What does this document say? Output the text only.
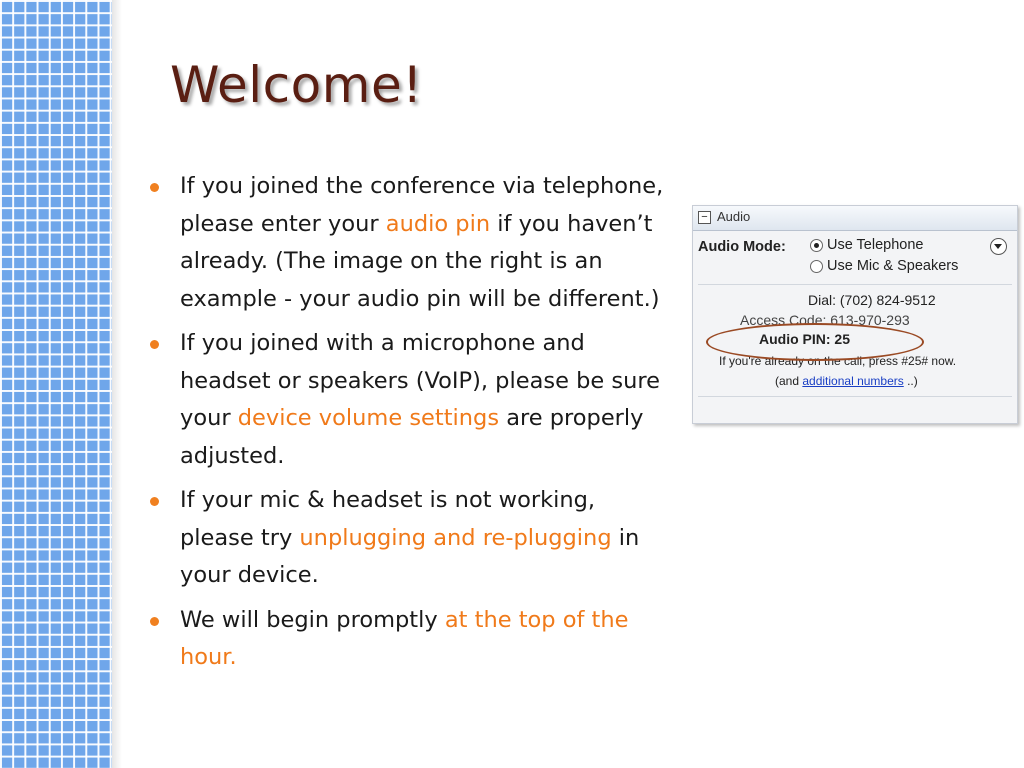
Welcome!
If you joined the conference via telephone, please enter your audio pin if you haven’t already. (The image on the right is an example - your audio pin will be different.)
If you joined with a microphone and headset or speakers (VoIP), please be sure your device volume settings are properly adjusted.
If your mic & headset is not working, please try unplugging and re-plugging in your device.
We will begin promptly at the top of the hour.
− Audio
Audio Mode:	Use Telephone
Use Mic & Speakers
Dial: (702) 824-9512
Access Code: 613-970-293
Audio PIN: 25
If you're already on the call, press #25# now.
(and additional numbers ..)
